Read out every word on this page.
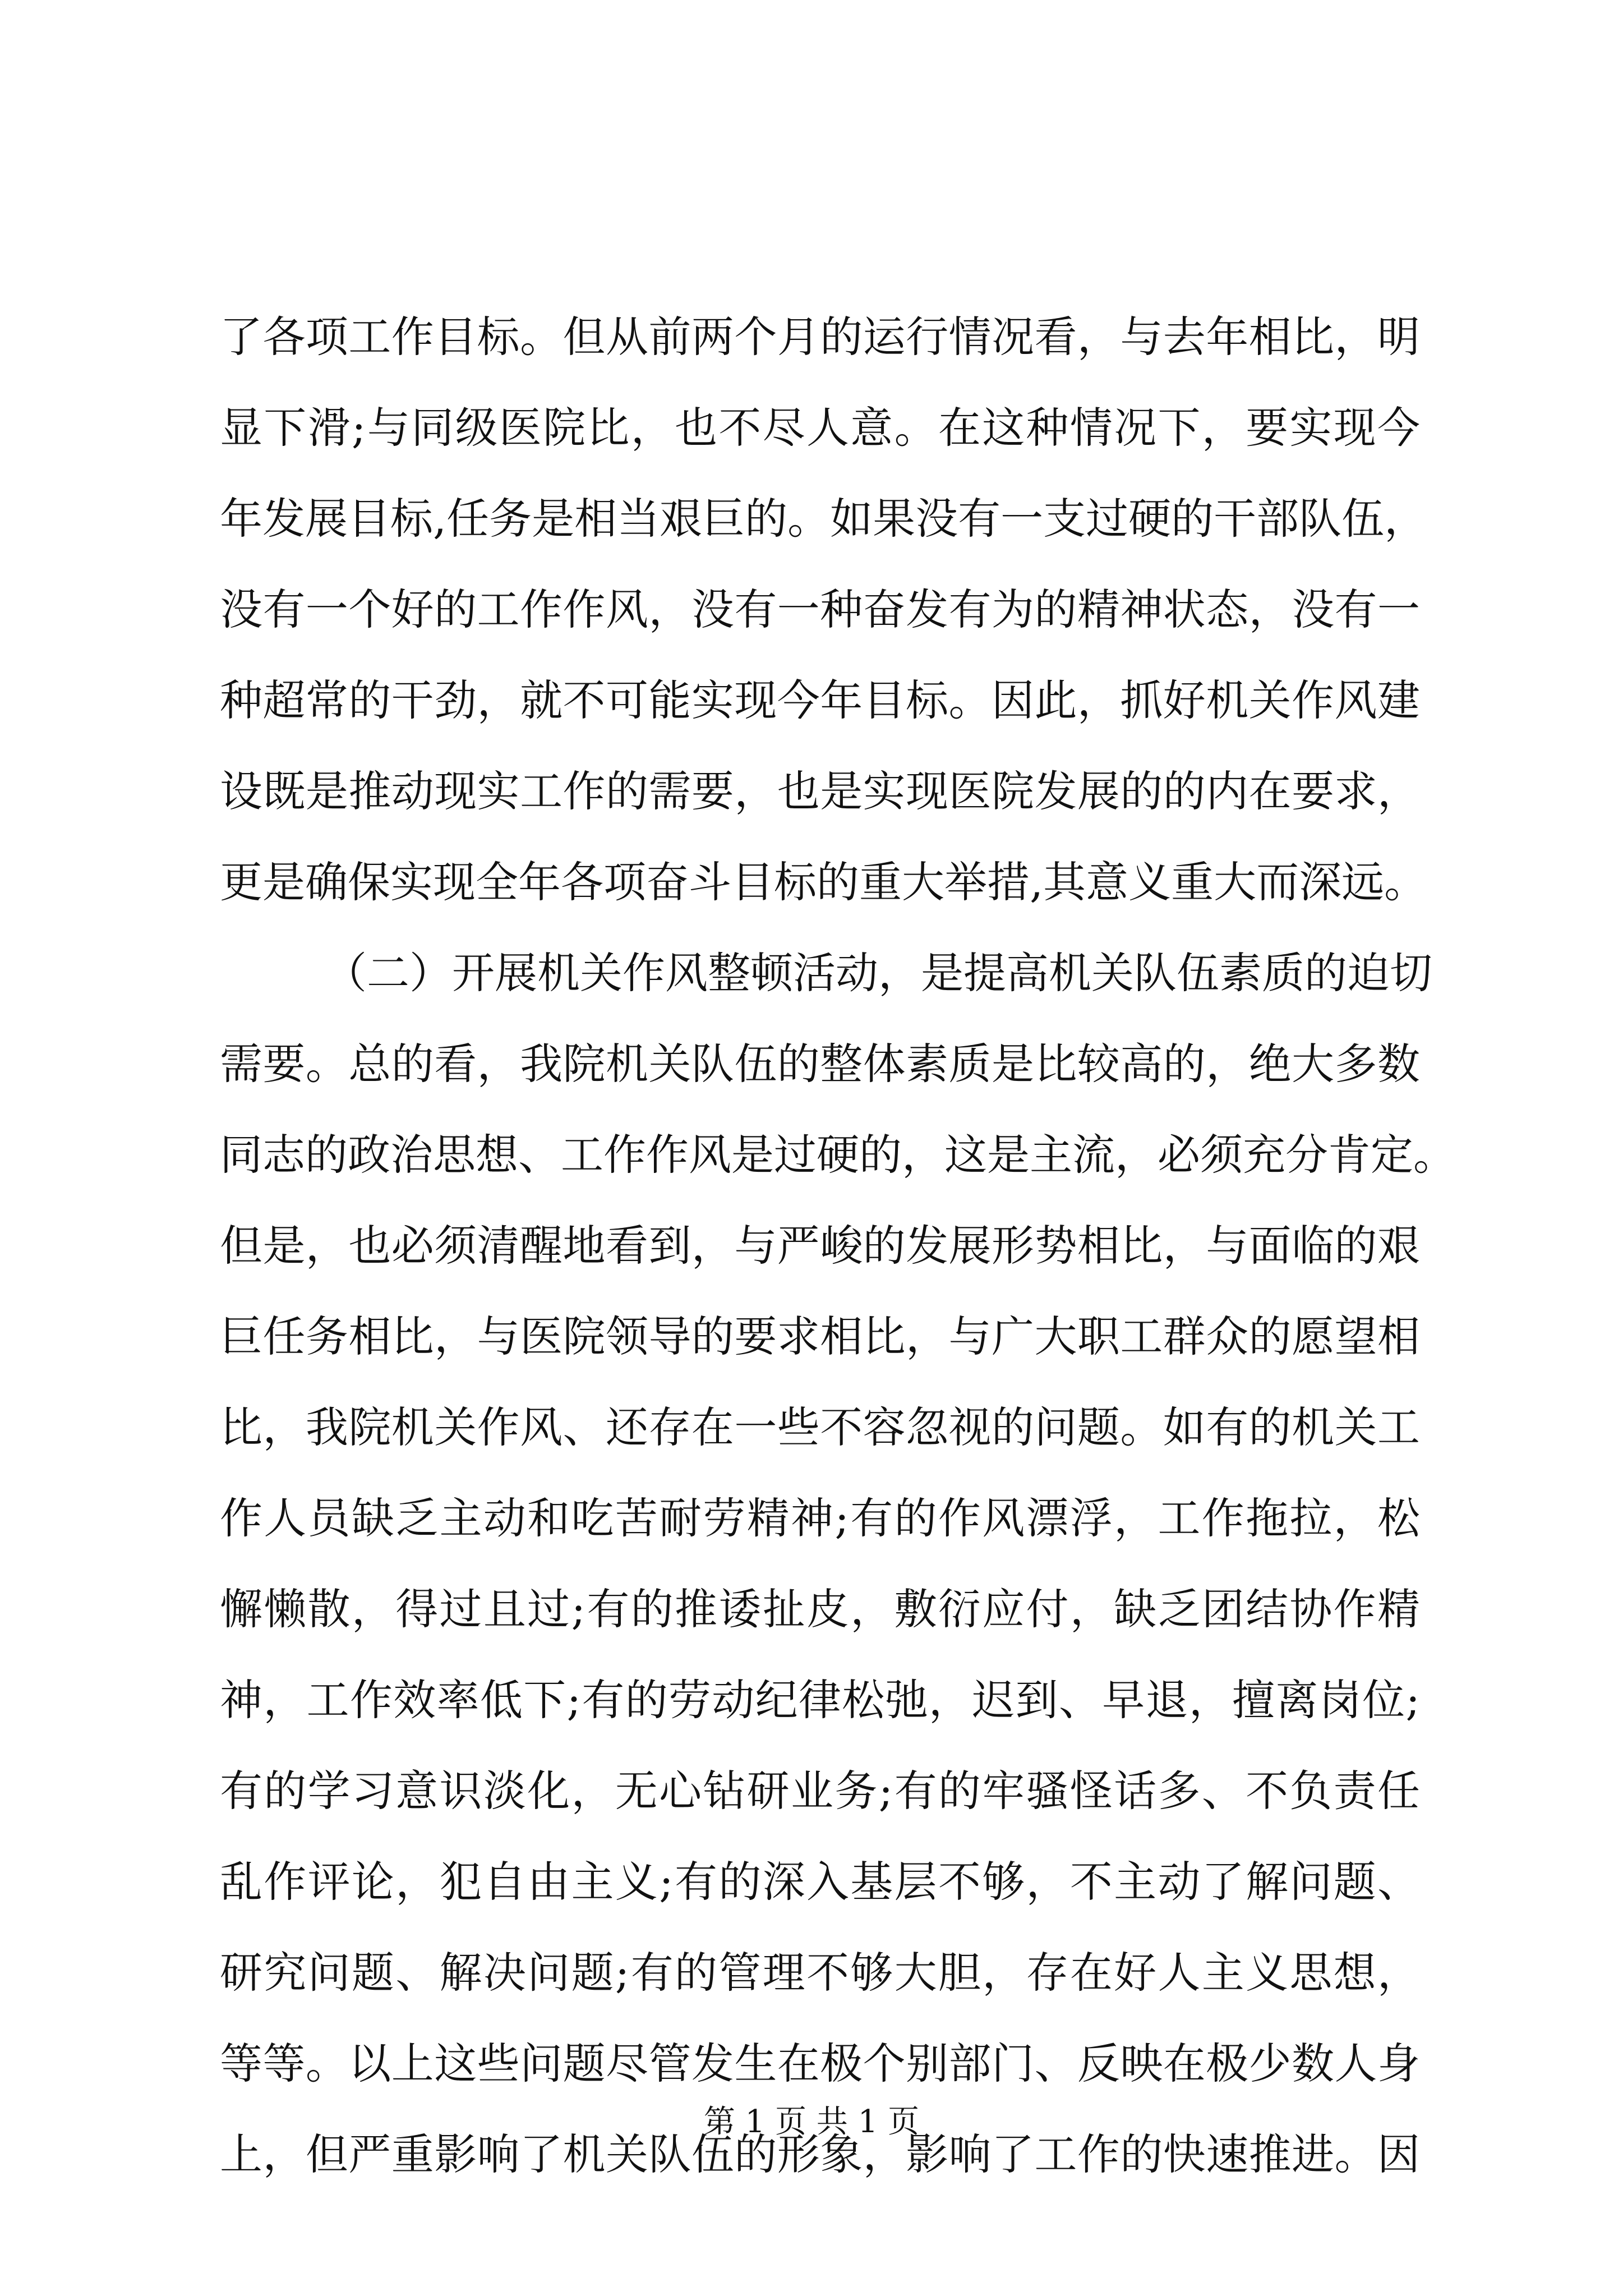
了各项工作目标。但从前两个月的运行情况看，与去年相比，明
显下滑;与同级医院比，也不尽人意。在这种情况下，要实现今
年发展目标,任务是相当艰巨的。如果没有一支过硬的干部队伍，
没有一个好的工作作风，没有一种奋发有为的精神状态，没有一
种超常的干劲，就不可能实现今年目标。因此，抓好机关作风建
设既是推动现实工作的需要，也是实现医院发展的的内在要求，
更是确保实现全年各项奋斗目标的重大举措,其意义重大而深远。
（二）开展机关作风整顿活动，是提高机关队伍素质的迫切
需要。总的看，我院机关队伍的整体素质是比较高的，绝大多数
同志的政治思想、工作作风是过硬的，这是主流，必须充分肯定。
但是，也必须清醒地看到，与严峻的发展形势相比，与面临的艰
巨任务相比，与医院领导的要求相比，与广大职工群众的愿望相
比，我院机关作风、还存在一些不容忽视的问题。如有的机关工
作人员缺乏主动和吃苦耐劳精神;有的作风漂浮，工作拖拉，松
懈懒散，得过且过;有的推诿扯皮，敷衍应付，缺乏团结协作精
神，工作效率低下;有的劳动纪律松弛，迟到、早退，擅离岗位;
有的学习意识淡化，无心钻研业务;有的牢骚怪话多、不负责任
乱作评论，犯自由主义;有的深入基层不够，不主动了解问题、
研究问题、解决问题;有的管理不够大胆，存在好人主义思想，
等等。以上这些问题尽管发生在极个别部门、反映在极少数人身
上，但严重影响了机关队伍的形象，影响了工作的快速推进。因
第 1 页 共 1 页
